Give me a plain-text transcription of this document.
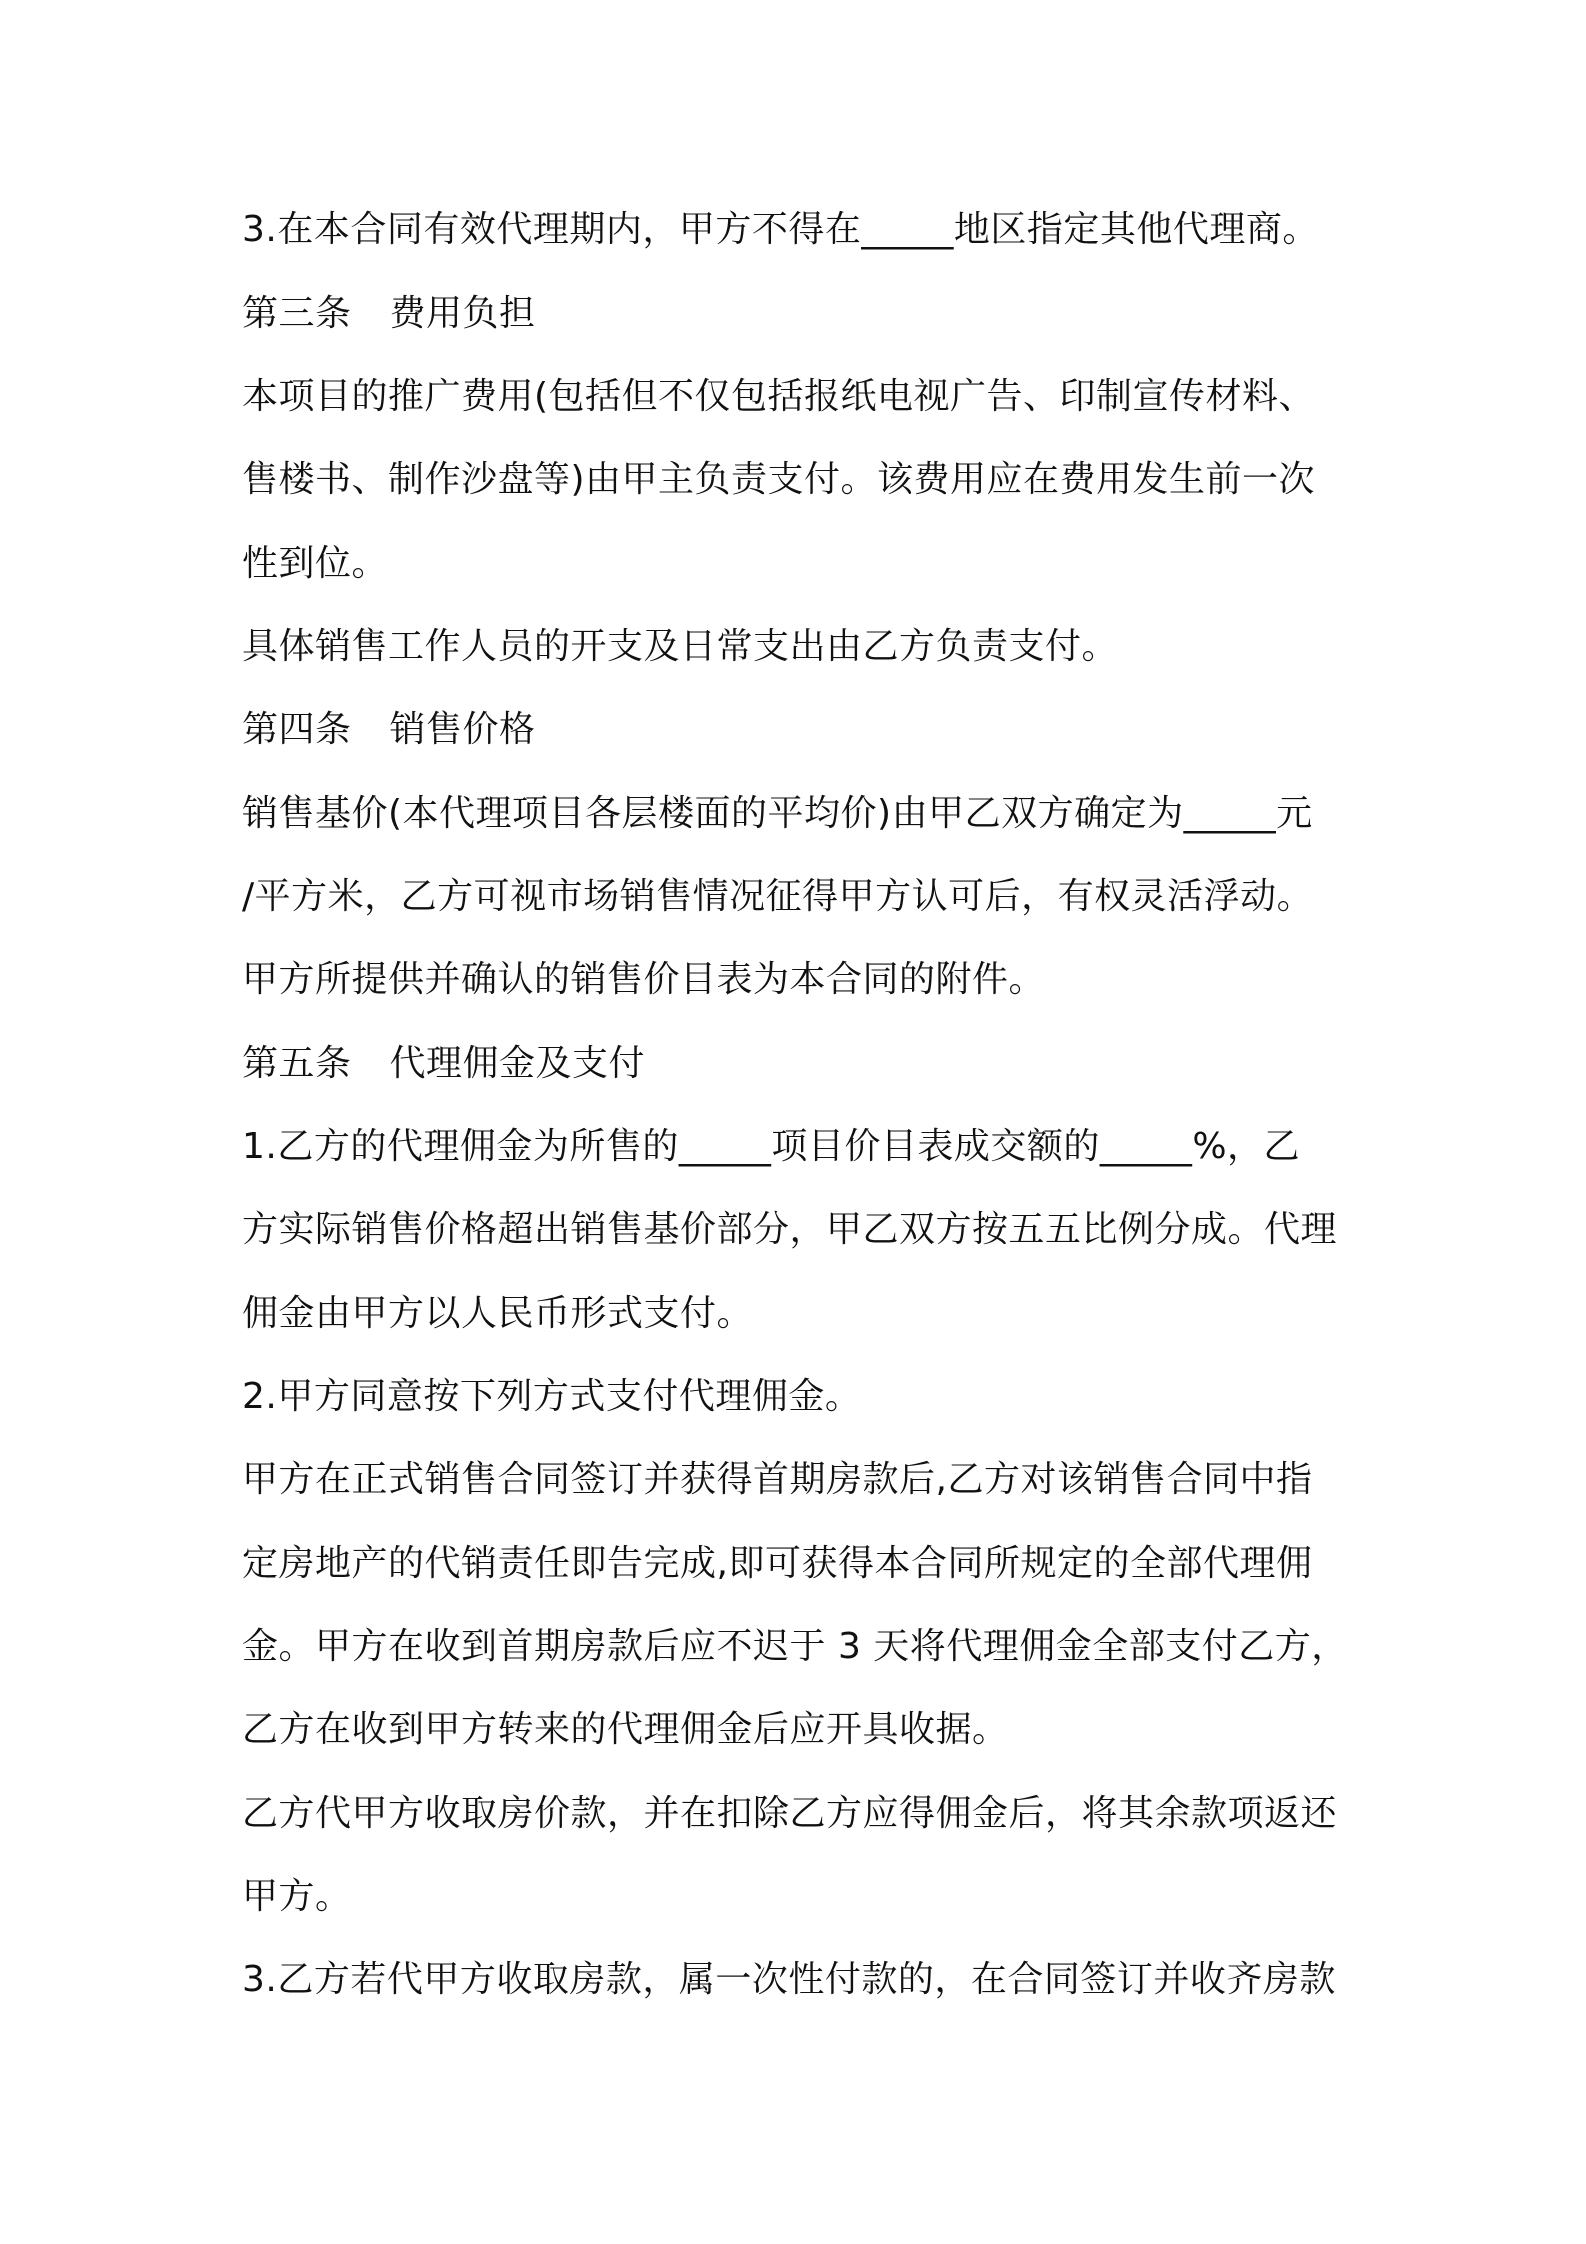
3.在本合同有效代理期内，甲方不得在_____地区指定其他代理商。
第三条 费用负担
本项目的推广费用(包括但不仅包括报纸电视广告、印制宣传材料、
售楼书、制作沙盘等)由甲主负责支付。该费用应在费用发生前一次
性到位。
具体销售工作人员的开支及日常支出由乙方负责支付。
第四条 销售价格
销售基价(本代理项目各层楼面的平均价)由甲乙双方确定为_____元
/平方米，乙方可视市场销售情况征得甲方认可后，有权灵活浮动。
甲方所提供并确认的销售价目表为本合同的附件。
第五条 代理佣金及支付
1.乙方的代理佣金为所售的_____项目价目表成交额的_____%，乙
方实际销售价格超出销售基价部分，甲乙双方按五五比例分成。代理
佣金由甲方以人民币形式支付。
2.甲方同意按下列方式支付代理佣金。
甲方在正式销售合同签订并获得首期房款后,乙方对该销售合同中指
定房地产的代销责任即告完成,即可获得本合同所规定的全部代理佣
金。甲方在收到首期房款后应不迟于 3 天将代理佣金全部支付乙方，
乙方在收到甲方转来的代理佣金后应开具收据。
乙方代甲方收取房价款，并在扣除乙方应得佣金后，将其余款项返还
甲方。
3.乙方若代甲方收取房款，属一次性付款的，在合同签订并收齐房款
